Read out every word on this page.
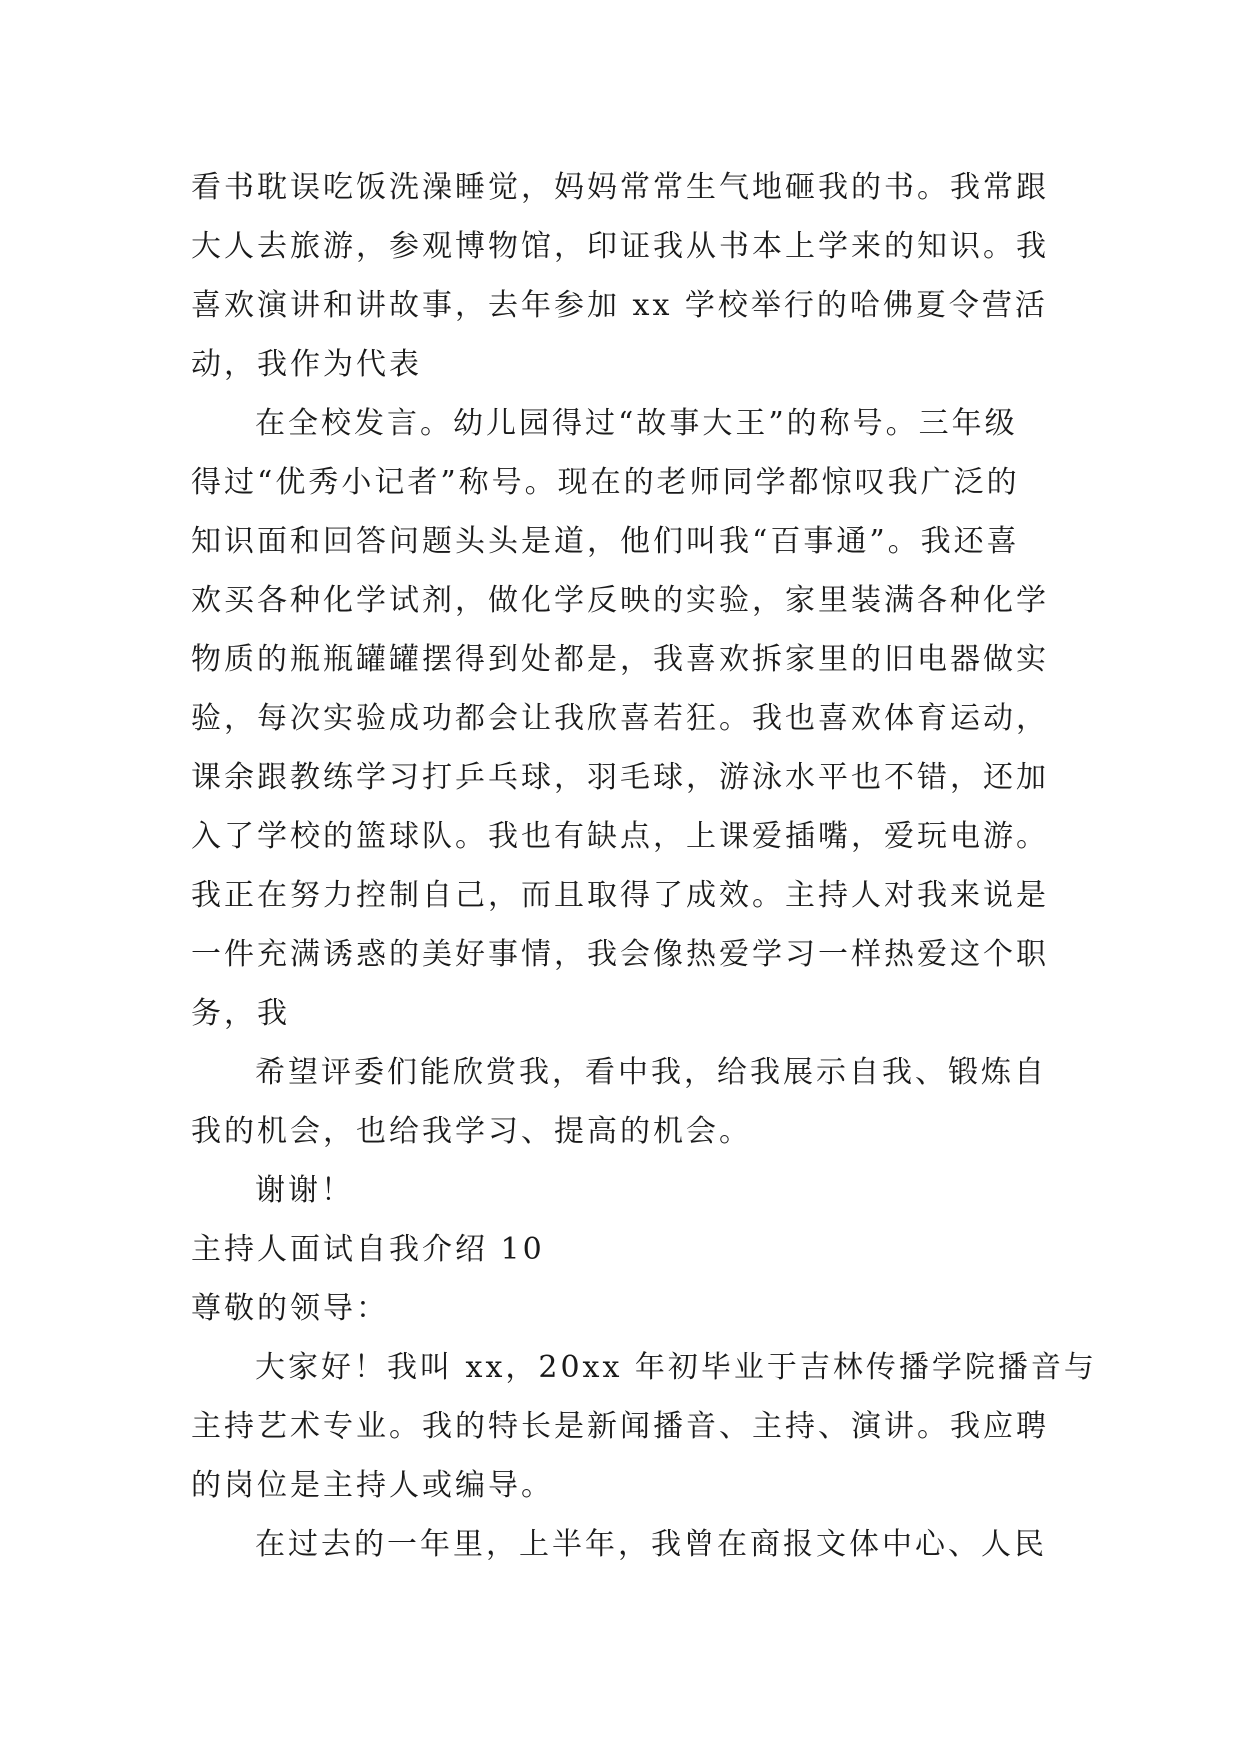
看书耽误吃饭洗澡睡觉，妈妈常常生气地砸我的书。我常跟
大人去旅游，参观博物馆，印证我从书本上学来的知识。我
喜欢演讲和讲故事，去年参加 xx 学校举行的哈佛夏令营活
动，我作为代表
在全校发言。幼儿园得过“故事大王”的称号。三年级
得过“优秀小记者”称号。现在的老师同学都惊叹我广泛的
知识面和回答问题头头是道，他们叫我“百事通”。我还喜
欢买各种化学试剂，做化学反映的实验，家里装满各种化学
物质的瓶瓶罐罐摆得到处都是，我喜欢拆家里的旧电器做实
验，每次实验成功都会让我欣喜若狂。我也喜欢体育运动，
课余跟教练学习打乒乓球，羽毛球，游泳水平也不错，还加
入了学校的篮球队。我也有缺点，上课爱插嘴，爱玩电游。
我正在努力控制自己，而且取得了成效。主持人对我来说是
一件充满诱惑的美好事情，我会像热爱学习一样热爱这个职
务，我
希望评委们能欣赏我，看中我，给我展示自我、锻炼自
我的机会，也给我学习、提高的机会。
谢谢！
主持人面试自我介绍 10
尊敬的领导：
大家好！我叫 xx，20xx 年初毕业于吉林传播学院播音与
主持艺术专业。我的特长是新闻播音、主持、演讲。我应聘
的岗位是主持人或编导。
在过去的一年里，上半年，我曾在商报文体中心、人民
